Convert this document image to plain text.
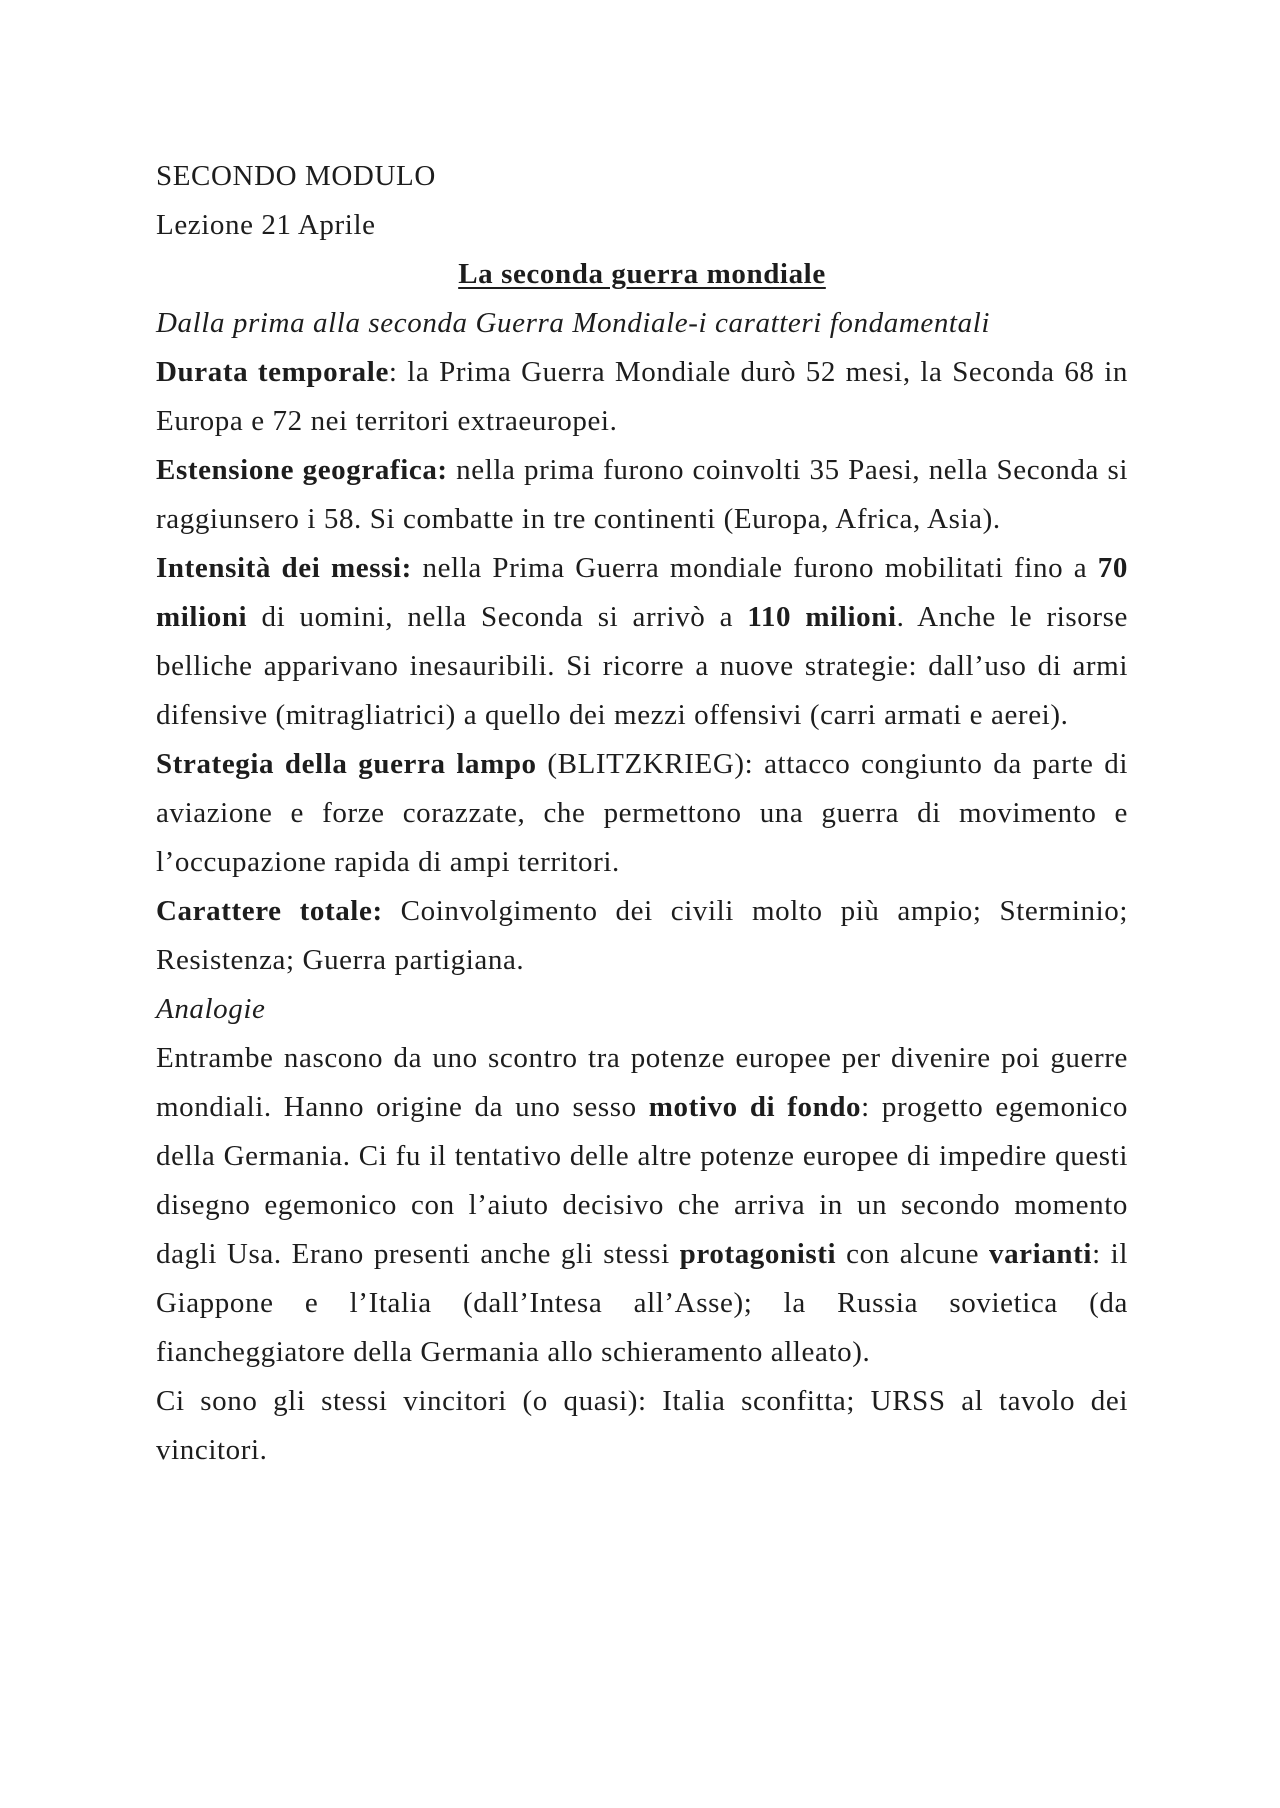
SECONDO MODULO

Lezione 21 Aprile

La seconda guerra mondiale

Dalla prima alla seconda Guerra Mondiale-i caratteri fondamentali

Durata temporale: la Prima Guerra Mondiale durò 52 mesi, la Seconda 68 in Europa e 72 nei territori extraeuropei.

Estensione geografica: nella prima furono coinvolti 35 Paesi, nella Seconda si raggiunsero i 58. Si combatte in tre continenti (Europa, Africa, Asia).

Intensità dei messi: nella Prima Guerra mondiale furono mobilitati fino a 70 milioni di uomini, nella Seconda si arrivò a 110 milioni. Anche le risorse belliche apparivano inesauribili. Si ricorre a nuove strategie: dall’uso di armi difensive (mitragliatrici) a quello dei mezzi offensivi (carri armati e aerei).

Strategia della guerra lampo (BLITZKRIEG): attacco congiunto da parte di aviazione e forze corazzate, che permettono una guerra di movimento e l’occupazione rapida di ampi territori.

Carattere totale: Coinvolgimento dei civili molto più ampio; Sterminio; Resistenza; Guerra partigiana.

Analogie

Entrambe nascono da uno scontro tra potenze europee per divenire poi guerre mondiali. Hanno origine da uno sesso motivo di fondo: progetto egemonico della Germania. Ci fu il tentativo delle altre potenze europee di impedire questi disegno egemonico con l’aiuto decisivo che arriva in un secondo momento dagli Usa. Erano presenti anche gli stessi protagonisti con alcune varianti: il Giappone e l’Italia (dall’Intesa all’Asse); la Russia sovietica (da fiancheggiatore della Germania allo schieramento alleato).

Ci sono gli stessi vincitori (o quasi): Italia sconfitta; URSS al tavolo dei vincitori.
